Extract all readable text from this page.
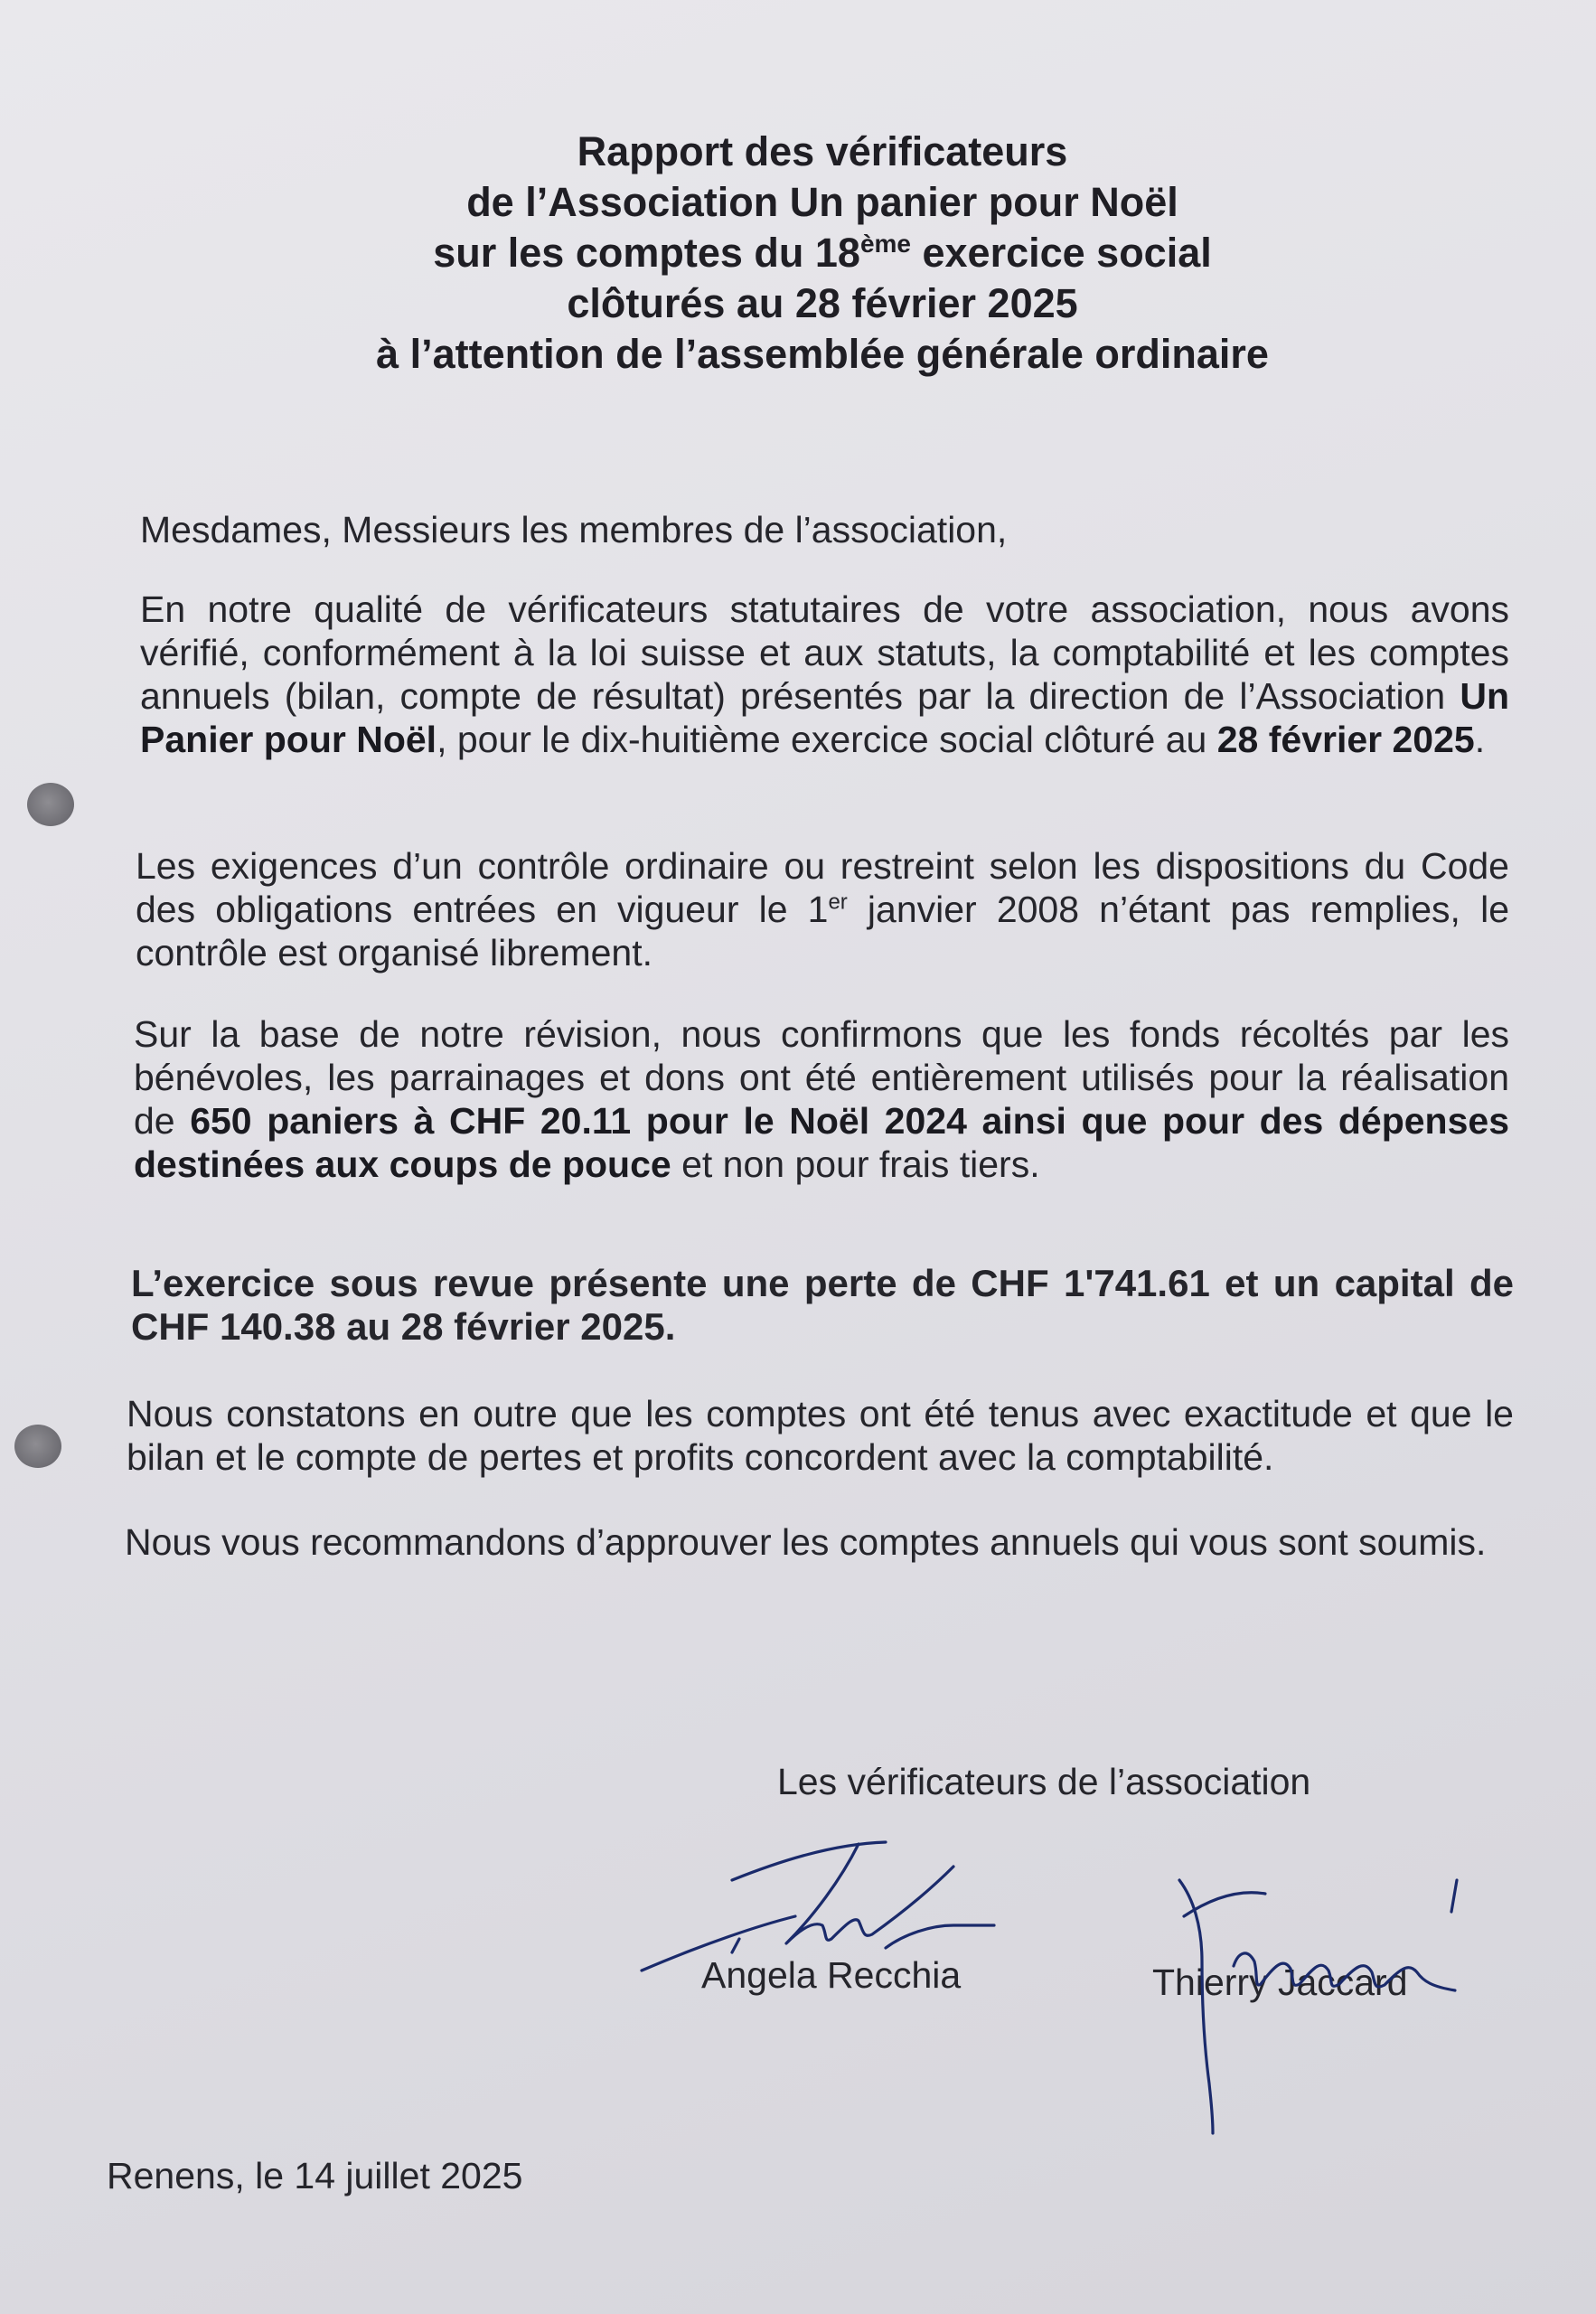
Rapport des vérificateurs
de l’Association Un panier pour Noël
sur les comptes du 18ème exercice social
clôturés au 28 février 2025
à l’attention de l’assemblée générale ordinaire
Mesdames, Messieurs les membres de l’association,
En notre qualité de vérificateurs statutaires de votre association, nous avons vérifié, conformément à la loi suisse et aux statuts, la comptabilité et les comptes annuels (bilan, compte de résultat) présentés par la direction de l’Association Un Panier pour Noël, pour le dix-huitième exercice social clôturé au 28 février 2025.
Les exigences d’un contrôle ordinaire ou restreint selon les dispositions du Code des obligations entrées en vigueur le 1er janvier 2008 n’étant pas remplies, le contrôle est organisé librement.
Sur la base de notre révision, nous confirmons que les fonds récoltés par les bénévoles, les parrainages et dons ont été entièrement utilisés pour la réalisation de 650 paniers à CHF 20.11 pour le Noël 2024 ainsi que pour des dépenses destinées aux coups de pouce et non pour frais tiers.
L’exercice sous revue présente une perte de CHF 1'741.61 et un capital de CHF 140.38 au 28 février 2025.
Nous constatons en outre que les comptes ont été tenus avec exactitude et que le bilan et le compte de pertes et profits concordent avec la comptabilité.
Nous vous recommandons d’approuver les comptes annuels qui vous sont soumis.
Les vérificateurs de l’association
Angela Recchia	Thierry Jaccard
Renens, le 14 juillet 2025
